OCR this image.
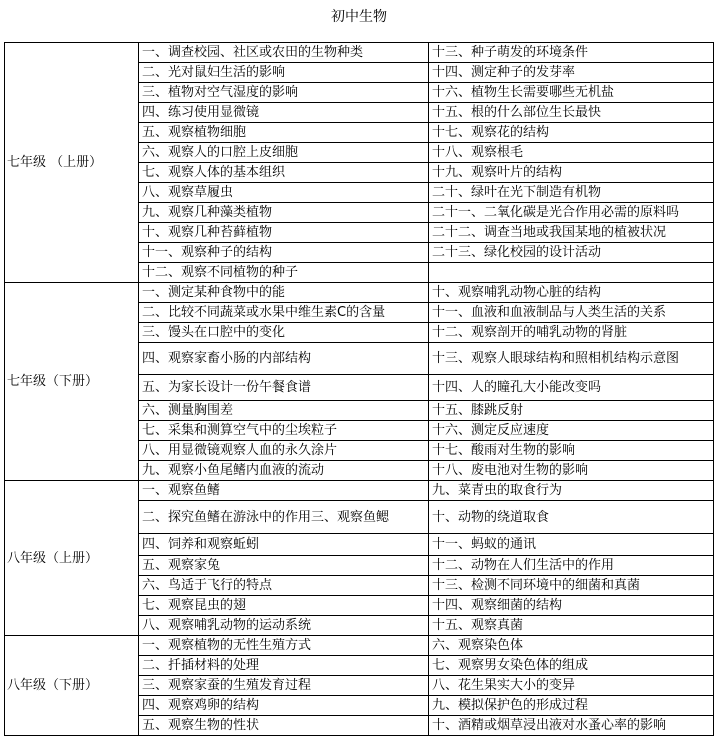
初中生物
七年级 （上册）
一、调查校园、社区或农田的生物种类	十三、种子萌发的环境条件
二、光对鼠妇生活的影响	十四、测定种子的发芽率
三、植物对空气湿度的影响	十六、植物生长需要哪些无机盐
四、练习使用显微镜	十五、根的什么部位生长最快
五、观察植物细胞	十七、观察花的结构
六、观察人的口腔上皮细胞	十八、观察根毛
七、观察人体的基本组织	十九、观察叶片的结构
八、观察草履虫	二十、绿叶在光下制造有机物
九、观察几种藻类植物	二十一、二氧化碳是光合作用必需的原料吗
十、观察几种苔藓植物	二十二、调查当地或我国某地的植被状况
十一、观察种子的结构	二十三、绿化校园的设计活动
十二、观察不同植物的种子
七年级（下册）
一、测定某种食物中的能	十、观察哺乳动物心脏的结构
二、比较不同蔬菜或水果中维生素C的含量	十一、血液和血液制品与人类生活的关系
三、馒头在口腔中的变化	十二、观察剖开的哺乳动物的肾脏
四、观察家畜小肠的内部结构	十三、观察人眼球结构和照相机结构示意图
五、为家长设计一份午餐食谱	十四、人的瞳孔大小能改变吗
六、测量胸围差	十五、膝跳反射
七、采集和测算空气中的尘埃粒子	十六、测定反应速度
八、用显微镜观察人血的永久涂片	十七、酸雨对生物的影响
九、观察小鱼尾鳍内血液的流动	十八、废电池对生物的影响
八年级（上册）
一、观察鱼鳍	九、菜青虫的取食行为
二、探究鱼鳍在游泳中的作用三、观察鱼鳃	十、动物的绕道取食
四、饲养和观察蚯蚓	十一、蚂蚁的通讯
五、观察家兔	十二、动物在人们生活中的作用
六、鸟适于飞行的特点	十三、检测不同环境中的细菌和真菌
七、观察昆虫的翅	十四、观察细菌的结构
八、观察哺乳动物的运动系统	十五、观察真菌
八年级（下册）
一、观察植物的无性生殖方式	六、观察染色体
二、扦插材料的处理	七、观察男女染色体的组成
三、观察家蚕的生殖发育过程	八、花生果实大小的变异
四、观察鸡卵的结构	九、模拟保护色的形成过程
五、观察生物的性状	十、酒精或烟草浸出液对水蚤心率的影响
